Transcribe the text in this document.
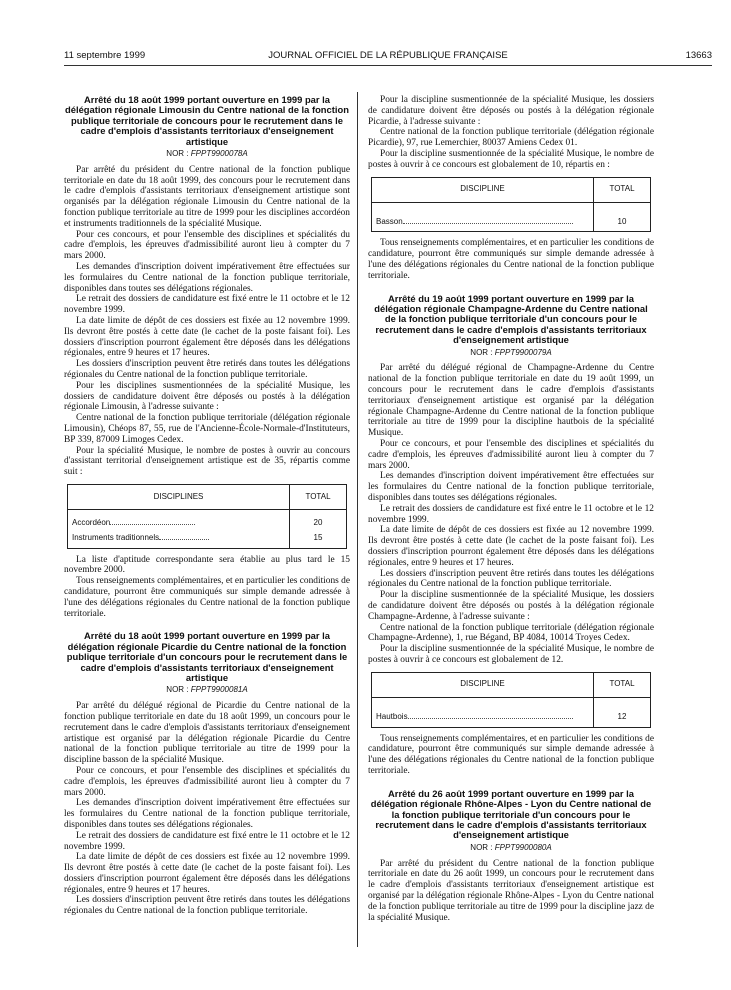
11 septembre 1999	JOURNAL OFFICIEL DE LA RÉPUBLIQUE FRANÇAISE	13663
Arrêté du 18 août 1999 portant ouverture en 1999 par la délégation régionale Limousin du Centre national de la fonction publique territoriale de concours pour le recrutement dans le cadre d'emplois d'assistants territoriaux d'enseignement artistique
NOR : FPPT9900078A

Par arrêté du président du Centre national de la fonction publique territoriale en date du 18 août 1999, des concours pour le recrutement dans le cadre d'emplois d'assistants territoriaux d'enseignement artistique sont organisés par la délégation régionale Limousin du Centre national de la fonction publique territoriale au titre de 1999 pour les disciplines accordéon et instruments traditionnels de la spécialité Musique.

Pour ces concours, et pour l'ensemble des disciplines et spécialités du cadre d'emplois, les épreuves d'admissibilité auront lieu à compter du 7 mars 2000.

Les demandes d'inscription doivent impérativement être effectuées sur les formulaires du Centre national de la fonction publique territoriale, disponibles dans toutes ses délégations régionales.

Le retrait des dossiers de candidature est fixé entre le 11 octobre et le 12 novembre 1999.

La date limite de dépôt de ces dossiers est fixée au 12 novembre 1999. Ils devront être postés à cette date (le cachet de la poste faisant foi). Les dossiers d'inscription pourront également être déposés dans les délégations régionales, entre 9 heures et 17 heures.

Les dossiers d'inscription peuvent être retirés dans toutes les délégations régionales du Centre national de la fonction publique territoriale.

Pour les disciplines susmentionnées de la spécialité Musique, les dossiers de candidature doivent être déposés ou postés à la délégation régionale Limousin, à l'adresse suivante :

Centre national de la fonction publique territoriale (délégation régionale Limousin), Chéops 87, 55, rue de l'Ancienne-École-Normale-d'Instituteurs, BP 339, 87009 Limoges Cedex.

Pour la spécialité Musique, le nombre de postes à ouvrir au concours d'assistant territorial d'enseignement artistique est de 35, répartis comme suit :

DISCIPLINES	TOTAL
Accordéon	20
Instruments traditionnels	15

La liste d'aptitude correspondante sera établie au plus tard le 15 novembre 2000.

Tous renseignements complémentaires, et en particulier les conditions de candidature, pourront être communiqués sur simple demande adressée à l'une des délégations régionales du Centre national de la fonction publique territoriale.

Arrêté du 18 août 1999 portant ouverture en 1999 par la délégation régionale Picardie du Centre national de la fonction publique territoriale d'un concours pour le recrutement dans le cadre d'emplois d'assistants territoriaux d'enseignement artistique
NOR : FPPT9900081A

Par arrêté du délégué régional de Picardie du Centre national de la fonction publique territoriale en date du 18 août 1999, un concours pour le recrutement dans le cadre d'emplois d'assistants territoriaux d'enseignement artistique est organisé par la délégation régionale Picardie du Centre national de la fonction publique territoriale au titre de 1999 pour la discipline basson de la spécialité Musique.

Pour ce concours, et pour l'ensemble des disciplines et spécialités du cadre d'emplois, les épreuves d'admissibilité auront lieu à compter du 7 mars 2000.

Les demandes d'inscription doivent impérativement être effectuées sur les formulaires du Centre national de la fonction publique territoriale, disponibles dans toutes ses délégations régionales.

Le retrait des dossiers de candidature est fixé entre le 11 octobre et le 12 novembre 1999.

La date limite de dépôt de ces dossiers est fixée au 12 novembre 1999. Ils devront être postés à cette date (le cachet de la poste faisant foi). Les dossiers d'inscription pourront également être déposés dans les délégations régionales, entre 9 heures et 17 heures.

Les dossiers d'inscription peuvent être retirés dans toutes les délégations régionales du Centre national de la fonction publique territoriale.

Pour la discipline susmentionnée de la spécialité Musique, les dossiers de candidature doivent être déposés ou postés à la délégation régionale Picardie, à l'adresse suivante :

Centre national de la fonction publique territoriale (délégation régionale Picardie), 97, rue Lemerchier, 80037 Amiens Cedex 01.

Pour la discipline susmentionnée de la spécialité Musique, le nombre de postes à ouvrir à ce concours est globalement de 10, répartis en :

DISCIPLINE	TOTAL
Basson	10

Tous renseignements complémentaires, et en particulier les conditions de candidature, pourront être communiqués sur simple demande adressée à l'une des délégations régionales du Centre national de la fonction publique territoriale.

Arrêté du 19 août 1999 portant ouverture en 1999 par la délégation régionale Champagne-Ardenne du Centre national de la fonction publique territoriale d'un concours pour le recrutement dans le cadre d'emplois d'assistants territoriaux d'enseignement artistique
NOR : FPPT9900079A

Par arrêté du délégué régional de Champagne-Ardenne du Centre national de la fonction publique territoriale en date du 19 août 1999, un concours pour le recrutement dans le cadre d'emplois d'assistants territoriaux d'enseignement artistique est organisé par la délégation régionale Champagne-Ardenne du Centre national de la fonction publique territoriale au titre de 1999 pour la discipline hautbois de la spécialité Musique.

Pour ce concours, et pour l'ensemble des disciplines et spécialités du cadre d'emplois, les épreuves d'admissibilité auront lieu à compter du 7 mars 2000.

Les demandes d'inscription doivent impérativement être effectuées sur les formulaires du Centre national de la fonction publique territoriale, disponibles dans toutes ses délégations régionales.

Le retrait des dossiers de candidature est fixé entre le 11 octobre et le 12 novembre 1999.

La date limite de dépôt de ces dossiers est fixée au 12 novembre 1999. Ils devront être postés à cette date (le cachet de la poste faisant foi). Les dossiers d'inscription pourront également être déposés dans les délégations régionales, entre 9 heures et 17 heures.

Les dossiers d'inscription peuvent être retirés dans toutes les délégations régionales du Centre national de la fonction publique territoriale.

Pour la discipline susmentionnée de la spécialité Musique, les dossiers de candidature doivent être déposés ou postés à la délégation régionale Champagne-Ardenne, à l'adresse suivante :

Centre national de la fonction publique territoriale (délégation régionale Champagne-Ardenne), 1, rue Bégand, BP 4084, 10014 Troyes Cedex.

Pour la discipline susmentionnée de la spécialité Musique, le nombre de postes à ouvrir à ce concours est globalement de 12.

DISCIPLINE	TOTAL
Hautbois	12

Tous renseignements complémentaires, et en particulier les conditions de candidature, pourront être communiqués sur simple demande adressée à l'une des délégations régionales du Centre national de la fonction publique territoriale.

Arrêté du 26 août 1999 portant ouverture en 1999 par la délégation régionale Rhône-Alpes - Lyon du Centre national de la fonction publique territoriale d'un concours pour le recrutement dans le cadre d'emplois d'assistants territoriaux d'enseignement artistique
NOR : FPPT9900080A

Par arrêté du président du Centre national de la fonction publique territoriale en date du 26 août 1999, un concours pour le recrutement dans le cadre d'emplois d'assistants territoriaux d'enseignement artistique est organisé par la délégation régionale Rhône-Alpes - Lyon du Centre national de la fonction publique territoriale au titre de 1999 pour la discipline jazz de la spécialité Musique.
